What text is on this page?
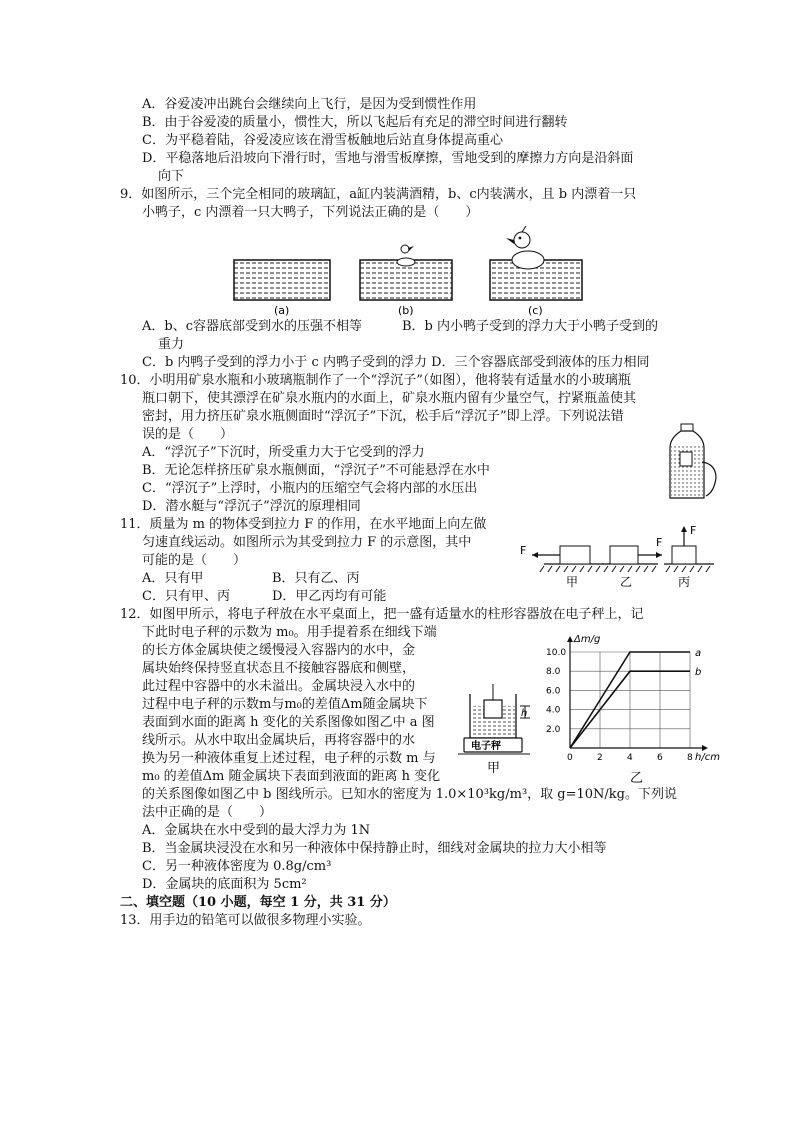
A．谷爱凌冲出跳台会继续向上飞行，是因为受到惯性作用
B．由于谷爱凌的质量小，惯性大，所以飞起后有充足的滞空时间进行翻转
C．为平稳着陆，谷爱凌应该在滑雪板触地后站直身体提高重心
D．平稳落地后沿坡向下滑行时，雪地与滑雪板摩擦，雪地受到的摩擦力方向是沿斜面
向下
9．如图所示，三个完全相同的玻璃缸，a缸内装满酒精，b、c内装满水，且 b 内漂着一只
小鸭子，c 内漂着一只大鸭子，下列说法正确的是（　　）
(a)	(b)	(c)
A．b、c容器底部受到水的压强不相等	B．b 内小鸭子受到的浮力大于小鸭子受到的
重力
C．b 内鸭子受到的浮力小于 c 内鸭子受到的浮力 D．三个容器底部受到液体的压力相同
10．小明用矿泉水瓶和小玻璃瓶制作了一个“浮沉子”（如图），他将装有适量水的小玻璃瓶
瓶口朝下，使其漂浮在矿泉水瓶内的水面上，矿泉水瓶内留有少量空气，拧紧瓶盖使其
密封，用力挤压矿泉水瓶侧面时“浮沉子”下沉，松手后“浮沉子”即上浮。下列说法错
误的是（　　）
A．“浮沉子”下沉时，所受重力大于它受到的浮力
B．无论怎样挤压矿泉水瓶侧面，“浮沉子”不可能悬浮在水中
C．“浮沉子”上浮时，小瓶内的压缩空气会将内部的水压出
D．潜水艇与“浮沉子”浮沉的原理相同
11．质量为 m 的物体受到拉力 F 的作用，在水平地面上向左做
匀速直线运动。如图所示为其受到拉力 F 的示意图，其中
可能的是（　　）
A．只有甲	B．只有乙、丙
C．只有甲、丙	D．甲乙丙均有可能
F
F
F
甲	乙	丙
12．如图甲所示，将电子秤放在水平桌面上，把一盛有适量水的柱形容器放在电子秤上，记
下此时电子秤的示数为 m₀。用手提着系在细线下端
的长方体金属块使之缓慢浸入容器内的水中，金
属块始终保持竖直状态且不接触容器底和侧壁，
此过程中容器中的水未溢出。金属块浸入水中的
过程中电子秤的示数m与m₀的差值Δm随金属块下
表面到水面的距离 h 变化的关系图像如图乙中 a 图
线所示。从水中取出金属块后，再将容器中的水
换为另一种液体重复上述过程，电子秤的示数 m 与
m₀ 的差值Δm 随金属块下表面到液面的距离 h 变化
的关系图像如图乙中 b 图线所示。已知水的密度为 1.0×10³kg/m³，取 g=10N/kg。下列说
法中正确的是（　　）
A．金属块在水中受到的最大浮力为 1N
B．当金属块浸没在水和另一种液体中保持静止时，细线对金属块的拉力大小相等
C．另一种液体密度为 0.8g/cm³
D．金属块的底面积为 5cm²
h
电子秤
甲
Δm/g
h/cm
乙
0	2	4	6	8
2.0
4.0
6.0
8.0
10.0	a
b
二、填空题（10 小题，每空 1 分，共 31 分）
13．用手边的铅笔可以做很多物理小实验。
